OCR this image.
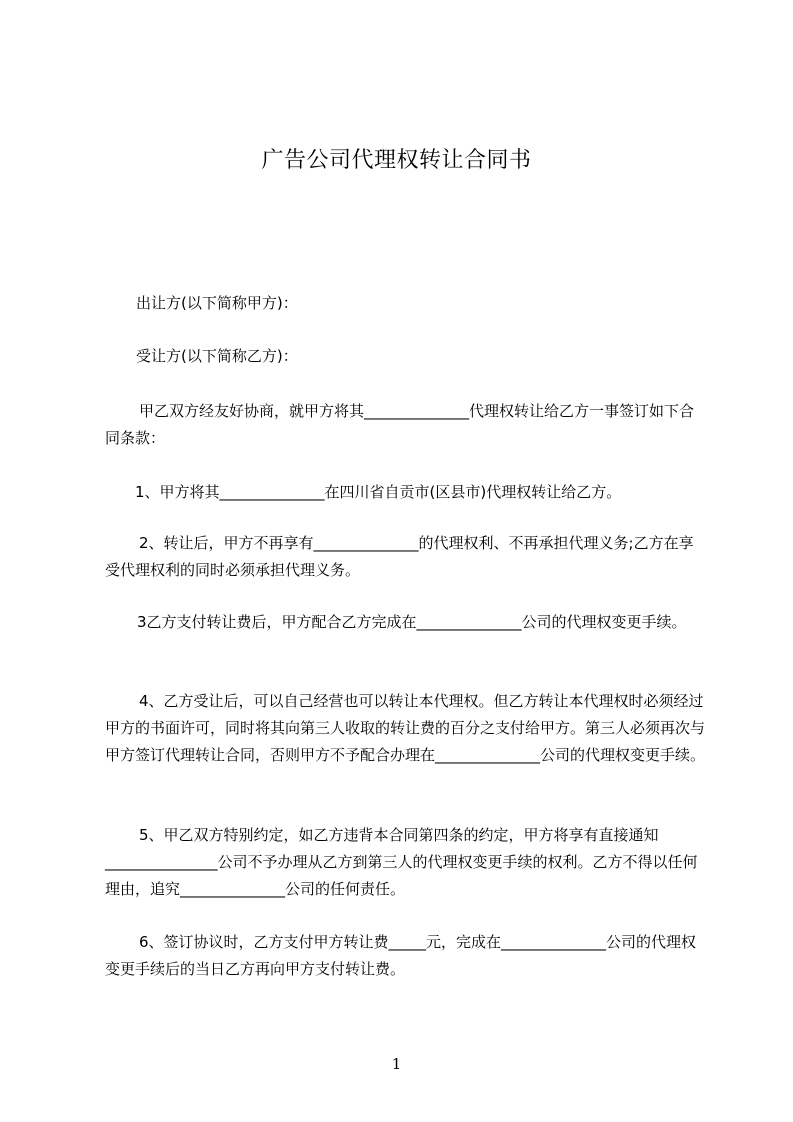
广告公司代理权转让合同书
出让方(以下简称甲方)：
受让方(以下简称乙方)：
甲乙双方经友好协商，就甲方将其______________代理权转让给乙方一事签订如下合同条款：
1、甲方将其______________在四川省自贡市(区县市)代理权转让给乙方。
2、转让后，甲方不再享有______________的代理权利、不再承担代理义务;乙方在享受代理权利的同时必须承担代理义务。
3乙方支付转让费后，甲方配合乙方完成在______________公司的代理权变更手续。
4、乙方受让后，可以自己经营也可以转让本代理权。但乙方转让本代理权时必须经过甲方的书面许可，同时将其向第三人收取的转让费的百分之支付给甲方。第三人必须再次与甲方签订代理转让合同，否则甲方不予配合办理在______________公司的代理权变更手续。
5、甲乙双方特别约定，如乙方违背本合同第四条的约定，甲方将享有直接通知_______________公司不予办理从乙方到第三人的代理权变更手续的权利。乙方不得以任何理由，追究______________公司的任何责任。
6、签订协议时，乙方支付甲方转让费_____元，完成在______________公司的代理权变更手续后的当日乙方再向甲方支付转让费。
1
